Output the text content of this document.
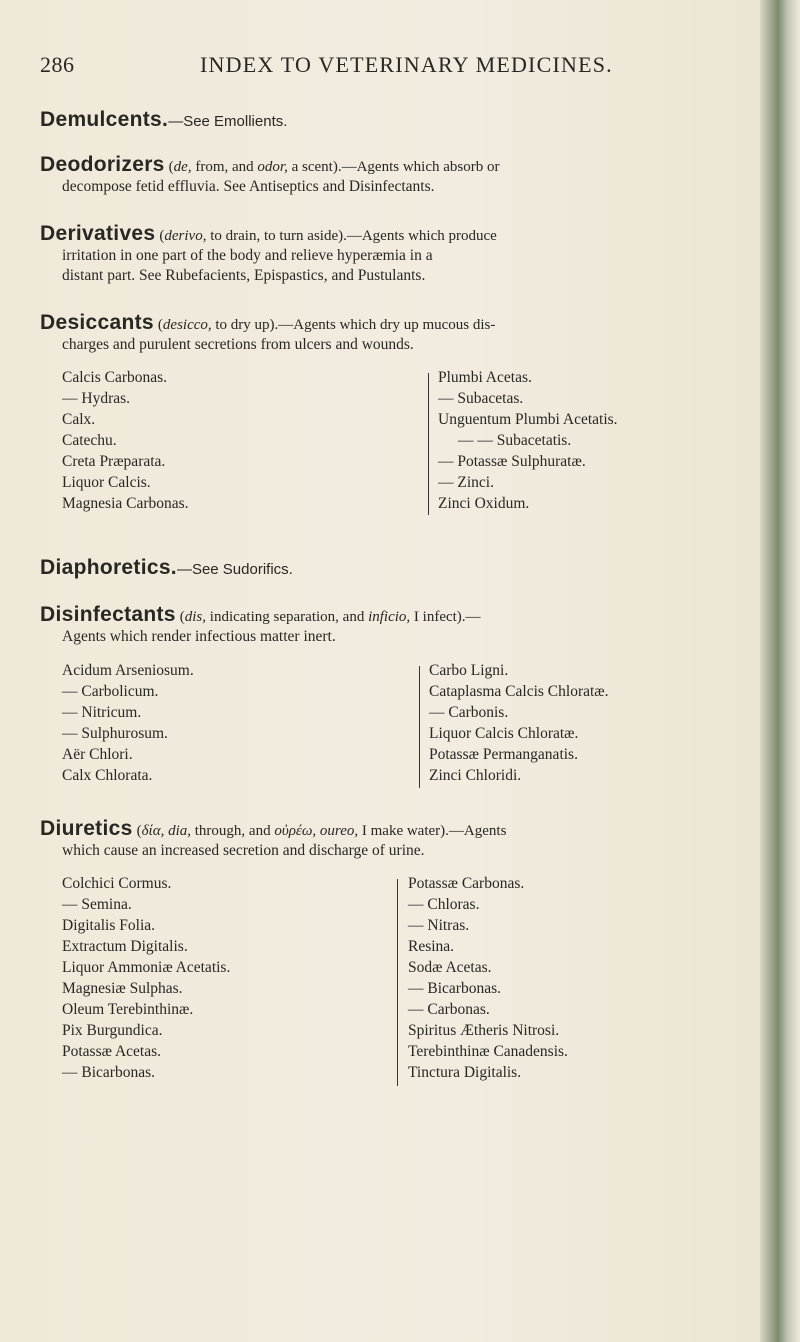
286	INDEX TO VETERINARY MEDICINES.
Demulcents.—See Emollients.
Deodorizers (de, from, and odor, a scent).—Agents which absorb or
decompose fetid effluvia. See Antiseptics and Disinfectants.
Derivatives (derivo, to drain, to turn aside).—Agents which produce
irritation in one part of the body and relieve hyperæmia in a
distant part. See Rubefacients, Epispastics, and Pustulants.
Desiccants (desicco, to dry up).—Agents which dry up mucous dis-
charges and purulent secretions from ulcers and wounds.
Calcis Carbonas.
— Hydras.
Calx.
Catechu.
Creta Præparata.
Liquor Calcis.
Magnesia Carbonas.
Plumbi Acetas.
— Subacetas.
Unguentum Plumbi Acetatis.
— — Subacetatis.
— Potassæ Sulphuratæ.
— Zinci.
Zinci Oxidum.
Diaphoretics.—See Sudorifics.
Disinfectants (dis, indicating separation, and inficio, I infect).—
Agents which render infectious matter inert.
Acidum Arseniosum.
— Carbolicum.
— Nitricum.
— Sulphurosum.
Aër Chlori.
Calx Chlorata.
Carbo Ligni.
Cataplasma Calcis Chloratæ.
— Carbonis.
Liquor Calcis Chloratæ.
Potassæ Permanganatis.
Zinci Chloridi.
Diuretics (δία, dia, through, and οὐρέω, oureo, I make water).—Agents
which cause an increased secretion and discharge of urine.
Colchici Cormus.
— Semina.
Digitalis Folia.
Extractum Digitalis.
Liquor Ammoniæ Acetatis.
Magnesiæ Sulphas.
Oleum Terebinthinæ.
Pix Burgundica.
Potassæ Acetas.
— Bicarbonas.
Potassæ Carbonas.
— Chloras.
— Nitras.
Resina.
Sodæ Acetas.
— Bicarbonas.
— Carbonas.
Spiritus Ætheris Nitrosi.
Terebinthinæ Canadensis.
Tinctura Digitalis.
